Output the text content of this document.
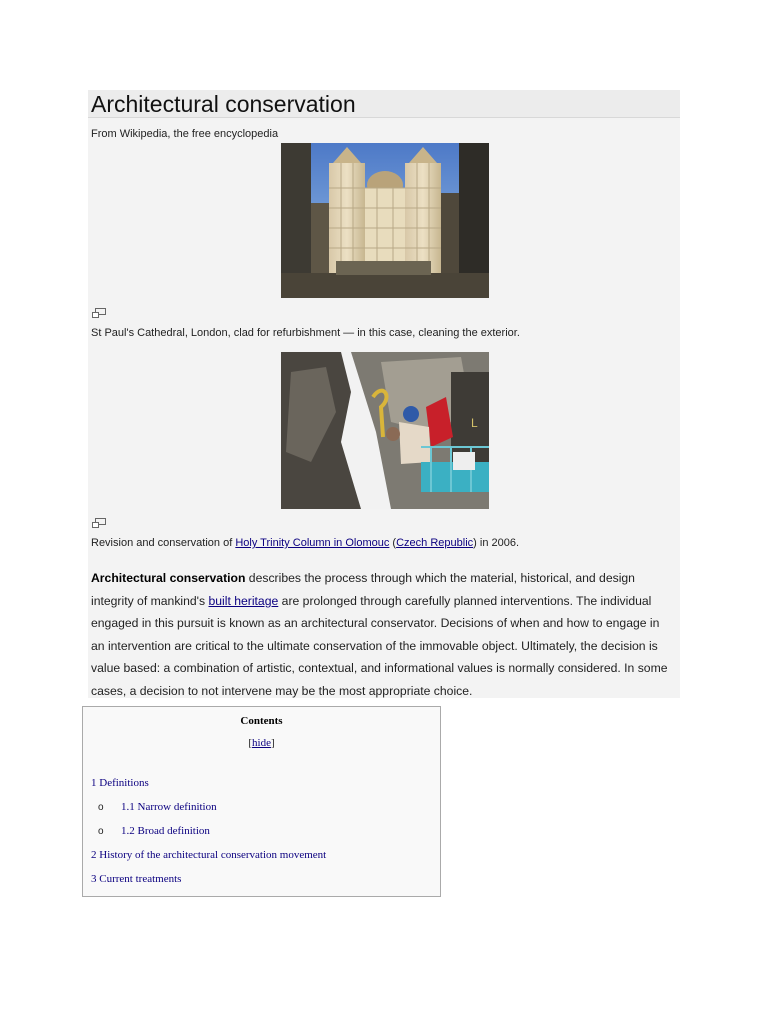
Architectural conservation
From Wikipedia, the free encyclopedia
St Paul's Cathedral, London, clad for refurbishment — in this case, cleaning the exterior.
L
Revision and conservation of Holy Trinity Column in Olomouc (Czech Republic) in 2006.
Architectural conservation describes the process through which the material, historical, and design integrity of mankind's built heritage are prolonged through carefully planned interventions. The individual engaged in this pursuit is known as an architectural conservator. Decisions of when and how to engage in an intervention are critical to the ultimate conservation of the immovable object. Ultimately, the decision is value based: a combination of artistic, contextual, and informational values is normally considered. In some cases, a decision to not intervene may be the most appropriate choice.
Contents
[hide]
1 Definitions
o 1.1 Narrow definition
o 1.2 Broad definition
2 History of the architectural conservation movement
3 Current treatments
